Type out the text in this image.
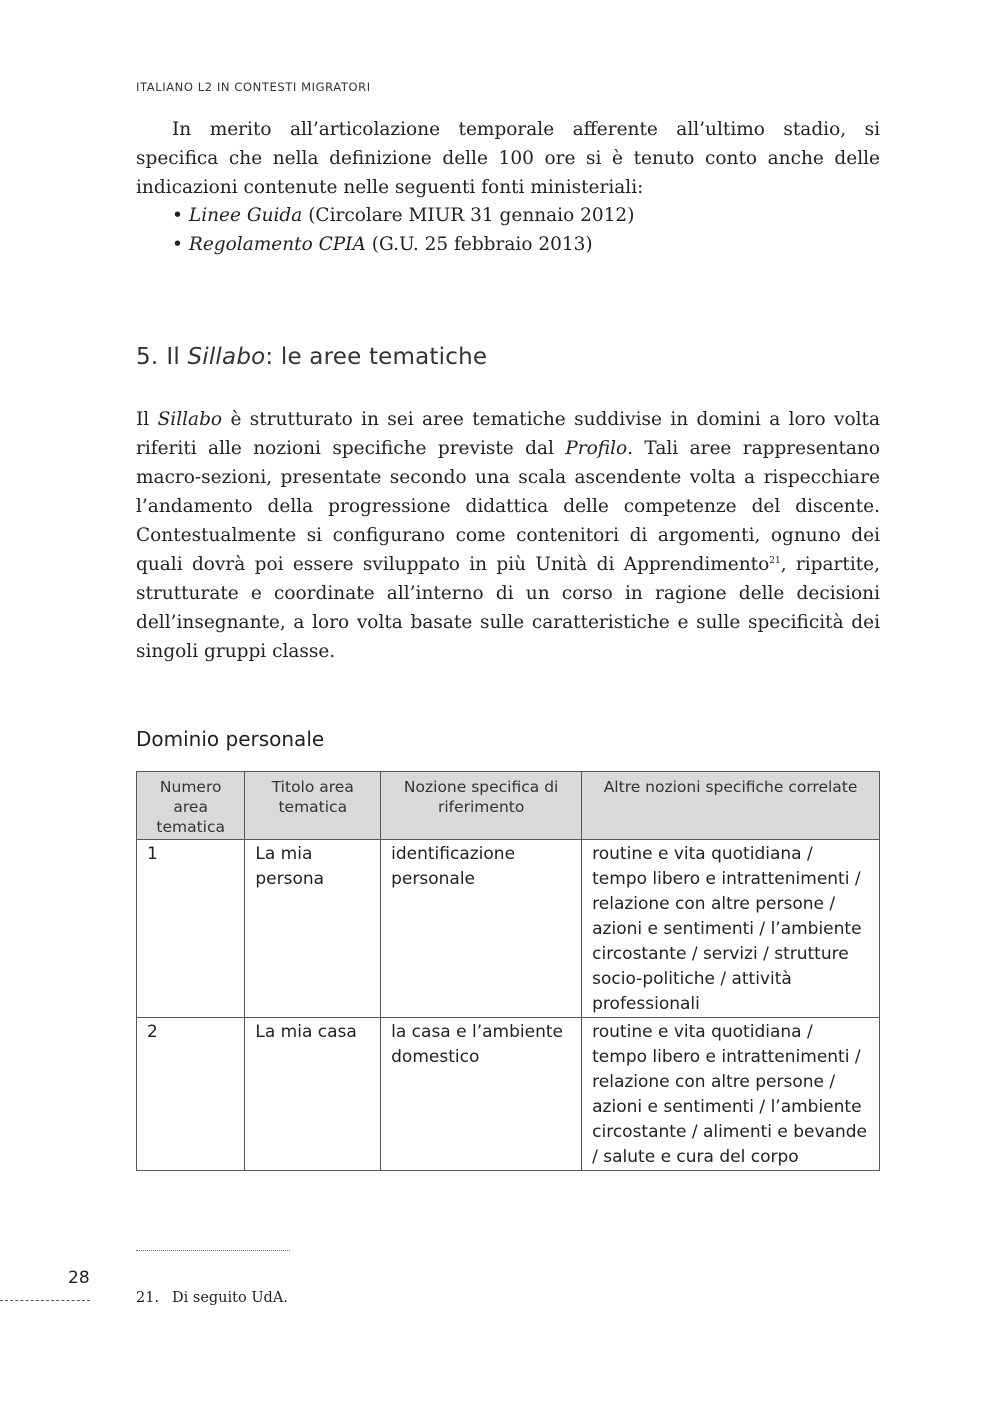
ITALIANO L2 IN CONTESTI MIGRATORI

In merito all’articolazione temporale afferente all’ultimo stadio, si specifica che nella definizione delle 100 ore si è tenuto conto anche delle indicazioni contenute nelle seguenti fonti ministeriali:

• Linee Guida (Circolare MIUR 31 gennaio 2012)
• Regolamento CPIA (G.U. 25 febbraio 2013)
5. Il Sillabo: le aree tematiche

Il Sillabo è strutturato in sei aree tematiche suddivise in domini a loro volta riferiti alle nozioni specifiche previste dal Profilo. Tali aree rappresentano macro-sezioni, presentate secondo una scala ascendente volta a rispecchiare l’andamento della progressione didattica delle competenze del discente. Contestualmente si configurano come contenitori di argomenti, ognuno dei quali dovrà poi essere sviluppato in più Unità di Apprendimento$^{21}$, ripartite, strutturate e coordinate all’interno di un corso in ragione delle decisioni dell’insegnante, a loro volta basate sulle caratteristiche e sulle specificità dei singoli gruppi classe.

Dominio personale
Numero area tematica	Titolo area tematica	Nozione specifica di riferimento	Altre nozioni specifiche correlate
1	La mia persona	identificazione personale	routine e vita quotidiana / tempo libero e intrattenimenti / relazione con altre persone / azioni e sentimenti / l’ambiente circostante / servizi / strutture socio-politiche / attività professionali
2	La mia casa	la casa e l’ambiente domestico	routine e vita quotidiana / tempo libero e intrattenimenti / relazione con altre persone / azioni e sentimenti / l’ambiente circostante / alimenti e bevande / salute e cura del corpo
28
21. Di seguito UdA.
